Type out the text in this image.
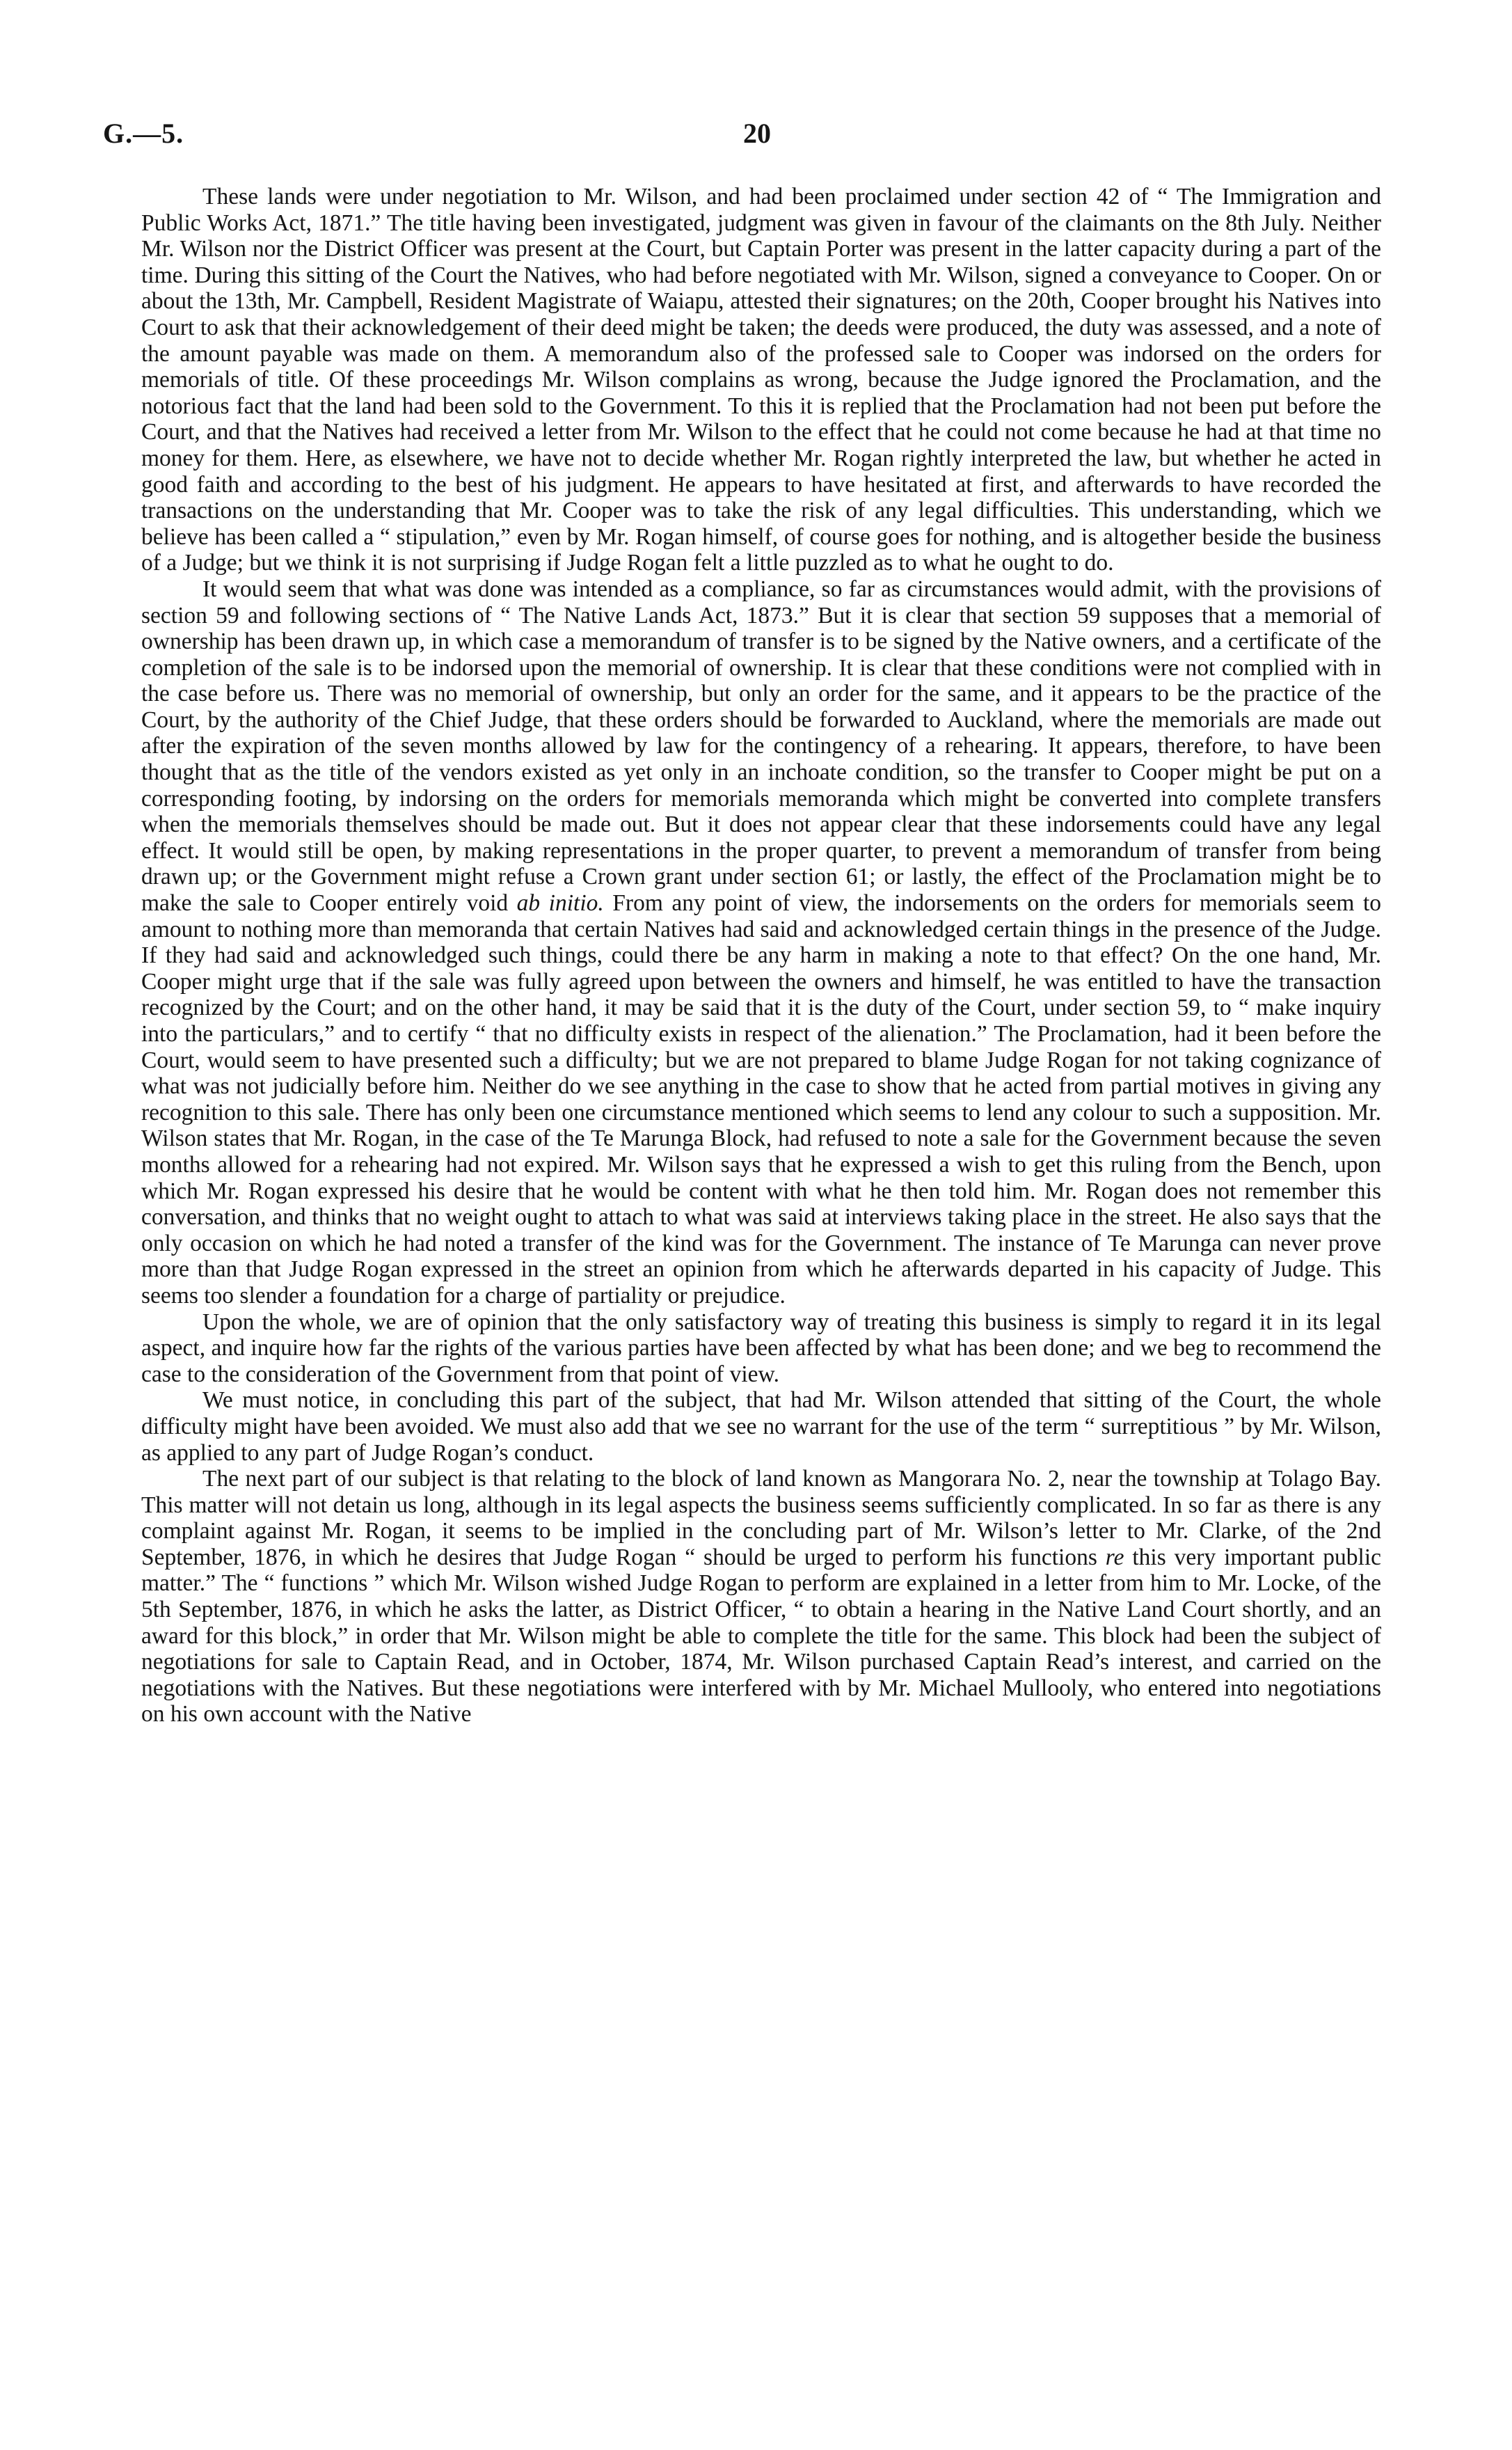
G.—5.	20

These lands were under negotiation to Mr. Wilson, and had been proclaimed under section 42 of “ The Immigration and Public Works Act, 1871.” The title having been investigated, judgment was given in favour of the claimants on the 8th July. Neither Mr. Wilson nor the District Officer was present at the Court, but Captain Porter was present in the latter capacity during a part of the time. During this sitting of the Court the Natives, who had before negotiated with Mr. Wilson, signed a conveyance to Cooper. On or about the 13th, Mr. Campbell, Resident Magistrate of Waiapu, attested their signatures; on the 20th, Cooper brought his Natives into Court to ask that their acknowledgement of their deed might be taken; the deeds were produced, the duty was assessed, and a note of the amount payable was made on them. A memorandum also of the professed sale to Cooper was indorsed on the orders for memorials of title. Of these proceedings Mr. Wilson complains as wrong, because the Judge ignored the Proclamation, and the notorious fact that the land had been sold to the Government. To this it is replied that the Proclamation had not been put before the Court, and that the Natives had received a letter from Mr. Wilson to the effect that he could not come because he had at that time no money for them. Here, as elsewhere, we have not to decide whether Mr. Rogan rightly interpreted the law, but whether he acted in good faith and according to the best of his judgment. He appears to have hesitated at first, and afterwards to have recorded the transactions on the understanding that Mr. Cooper was to take the risk of any legal difficulties. This understanding, which we believe has been called a “ stipulation,” even by Mr. Rogan himself, of course goes for nothing, and is altogether beside the business of a Judge; but we think it is not surprising if Judge Rogan felt a little puzzled as to what he ought to do.

It would seem that what was done was intended as a compliance, so far as circumstances would admit, with the provisions of section 59 and following sections of “ The Native Lands Act, 1873.” But it is clear that section 59 supposes that a memorial of ownership has been drawn up, in which case a memorandum of transfer is to be signed by the Native owners, and a certificate of the completion of the sale is to be indorsed upon the memorial of ownership. It is clear that these conditions were not complied with in the case before us. There was no memorial of ownership, but only an order for the same, and it appears to be the practice of the Court, by the authority of the Chief Judge, that these orders should be forwarded to Auckland, where the memorials are made out after the expiration of the seven months allowed by law for the contingency of a rehearing. It appears, therefore, to have been thought that as the title of the vendors existed as yet only in an inchoate condition, so the transfer to Cooper might be put on a corresponding footing, by indorsing on the orders for memorials memoranda which might be converted into complete transfers when the memorials themselves should be made out. But it does not appear clear that these indorsements could have any legal effect. It would still be open, by making representations in the proper quarter, to prevent a memorandum of transfer from being drawn up; or the Government might refuse a Crown grant under section 61; or lastly, the effect of the Proclamation might be to make the sale to Cooper entirely void ab initio. From any point of view, the indorsements on the orders for memorials seem to amount to nothing more than memoranda that certain Natives had said and acknowledged certain things in the presence of the Judge. If they had said and acknowledged such things, could there be any harm in making a note to that effect? On the one hand, Mr. Cooper might urge that if the sale was fully agreed upon between the owners and himself, he was entitled to have the transaction recognized by the Court; and on the other hand, it may be said that it is the duty of the Court, under section 59, to “ make inquiry into the particulars,” and to certify “ that no difficulty exists in respect of the alienation.” The Proclamation, had it been before the Court, would seem to have presented such a difficulty; but we are not prepared to blame Judge Rogan for not taking cognizance of what was not judicially before him. Neither do we see anything in the case to show that he acted from partial motives in giving any recognition to this sale. There has only been one circumstance mentioned which seems to lend any colour to such a supposition. Mr. Wilson states that Mr. Rogan, in the case of the Te Marunga Block, had refused to note a sale for the Government because the seven months allowed for a rehearing had not expired. Mr. Wilson says that he expressed a wish to get this ruling from the Bench, upon which Mr. Rogan expressed his desire that he would be content with what he then told him. Mr. Rogan does not remember this conversation, and thinks that no weight ought to attach to what was said at interviews taking place in the street. He also says that the only occasion on which he had noted a transfer of the kind was for the Government. The instance of Te Marunga can never prove more than that Judge Rogan expressed in the street an opinion from which he afterwards departed in his capacity of Judge. This seems too slender a foundation for a charge of partiality or prejudice.

Upon the whole, we are of opinion that the only satisfactory way of treating this business is simply to regard it in its legal aspect, and inquire how far the rights of the various parties have been affected by what has been done; and we beg to recommend the case to the consideration of the Government from that point of view.

We must notice, in concluding this part of the subject, that had Mr. Wilson attended that sitting of the Court, the whole difficulty might have been avoided. We must also add that we see no warrant for the use of the term “ surreptitious ” by Mr. Wilson, as applied to any part of Judge Rogan’s conduct.

The next part of our subject is that relating to the block of land known as Mangorara No. 2, near the township at Tolago Bay. This matter will not detain us long, although in its legal aspects the business seems sufficiently complicated. In so far as there is any complaint against Mr. Rogan, it seems to be implied in the concluding part of Mr. Wilson’s letter to Mr. Clarke, of the 2nd September, 1876, in which he desires that Judge Rogan “ should be urged to perform his functions re this very important public matter.” The “ functions ” which Mr. Wilson wished Judge Rogan to perform are explained in a letter from him to Mr. Locke, of the 5th September, 1876, in which he asks the latter, as District Officer, “ to obtain a hearing in the Native Land Court shortly, and an award for this block,” in order that Mr. Wilson might be able to complete the title for the same. This block had been the subject of negotiations for sale to Captain Read, and in October, 1874, Mr. Wilson purchased Captain Read’s interest, and carried on the negotiations with the Natives. But these negotiations were interfered with by Mr. Michael Mullooly, who entered into negotiations on his own account with the Native
